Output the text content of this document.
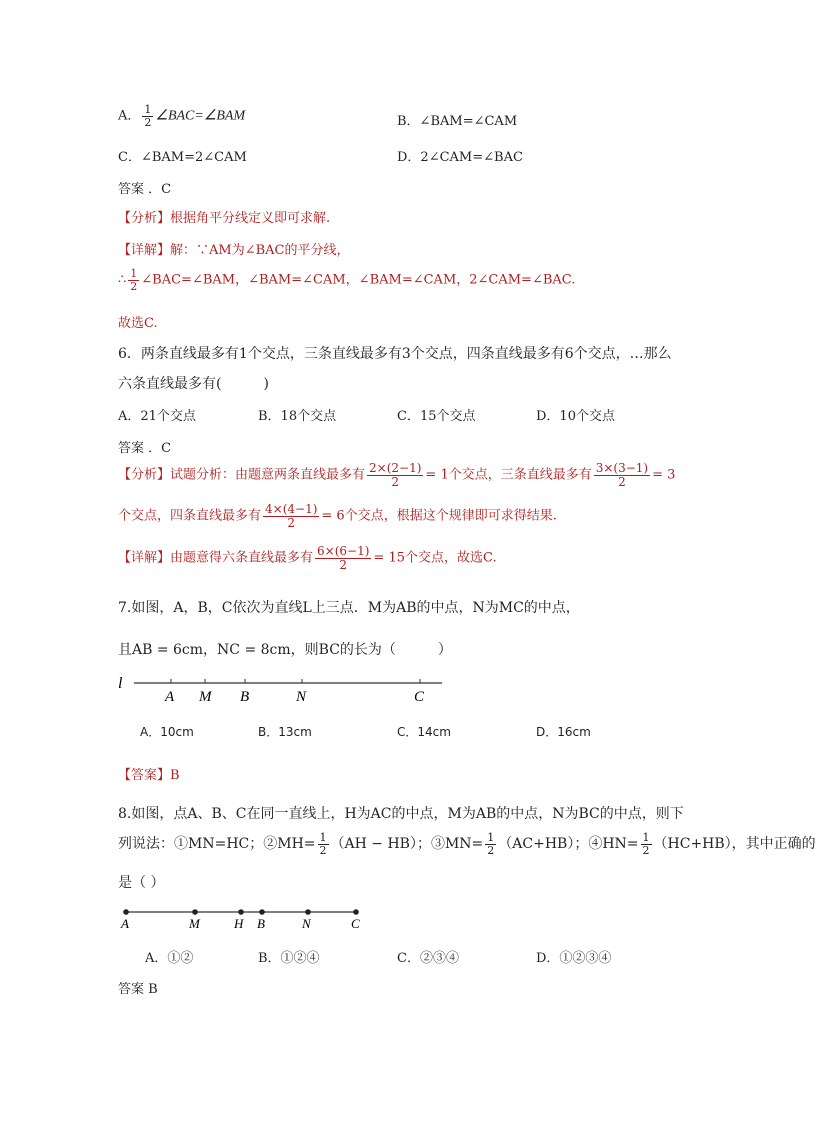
A． $\frac{1}{2}$ ∠BAC=∠BAM	B．∠BAM=∠CAM
C．∠BAM=2∠CAM	D．2∠CAM=∠BAC
答案 ．C
【分析】根据角平分线定义即可求解.
【详解】解：∵AM为∠BAC的平分线，
∴ $\frac{1}{2}$ ∠BAC=∠BAM，∠BAM=∠CAM，∠BAM=∠CAM，2∠CAM=∠BAC.
故选C.
6．两条直线最多有1个交点，三条直线最多有3个交点，四条直线最多有6个交点，…那么
六条直线最多有(　　　)
A．21个交点	B．18个交点	C．15个交点	D．10个交点
答案 ．C
【分析】试题分析：由题意两条直线最多有 $\frac{2\times(2-1)}{2} = 1$个交点，三条直线最多有 $\frac{3\times(3-1)}{2} = 3$
个交点，四条直线最多有 $\frac{4\times(4-1)}{2} = 6$个交点，根据这个规律即可求得结果.
【详解】由题意得六条直线最多有 $\frac{6\times(6-1)}{2} = 15$个交点，故选C.
7.如图，A，B，C依次为直线L上三点．M为AB的中点，N为MC的中点，
且AB = 6cm，NC = 8cm，则BC的长为（　　　）
l
A M B	N	C
A．10cm	B．13cm	C．14cm	D．16cm
【答案】B
8.如图，点A、B、C在同一直线上，H为AC的中点，M为AB的中点，N为BC的中点，则下
列说法：①MN=HC；②MH= $\frac{1}{2} (AH - HB)$；③MN= $\frac{1}{2} (AC+HB)$；④HN= $\frac{1}{2} (HC+HB)$，其中正确的
是（ ）
A	M	H B	N	C
A．①②	B．①②④	C．②③④	D．①②③④
答案 B
